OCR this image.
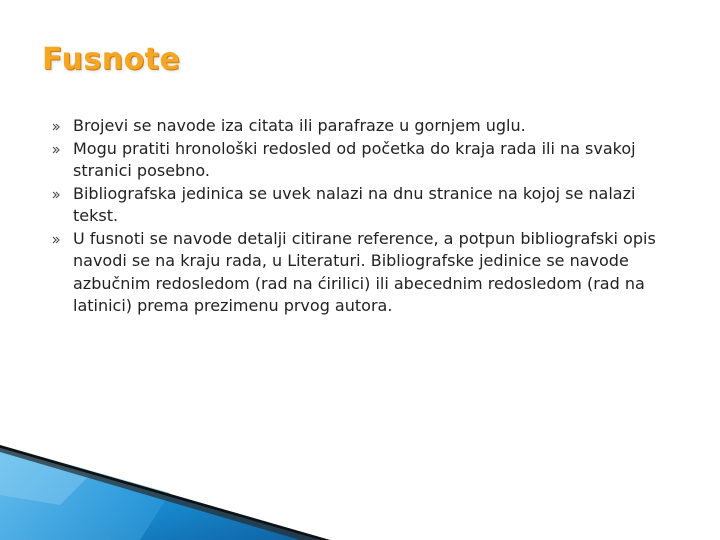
Fusnote
Brojevi se navode iza citata ili parafraze u gornjem uglu.
Mogu pratiti hronološki redosled od početka do kraja rada ili na svakoj stranici posebno.
Bibliografska jedinica se uvek nalazi na dnu stranice na kojoj se nalazi tekst.
U fusnoti se navode detalji citirane reference, a potpun bibliografski opis navodi se na kraju rada, u Literaturi. Bibliografske jedinice se navode azbučnim redosledom (rad na ćirilici) ili abecednim redosledom (rad na latinici) prema prezimenu prvog autora.
